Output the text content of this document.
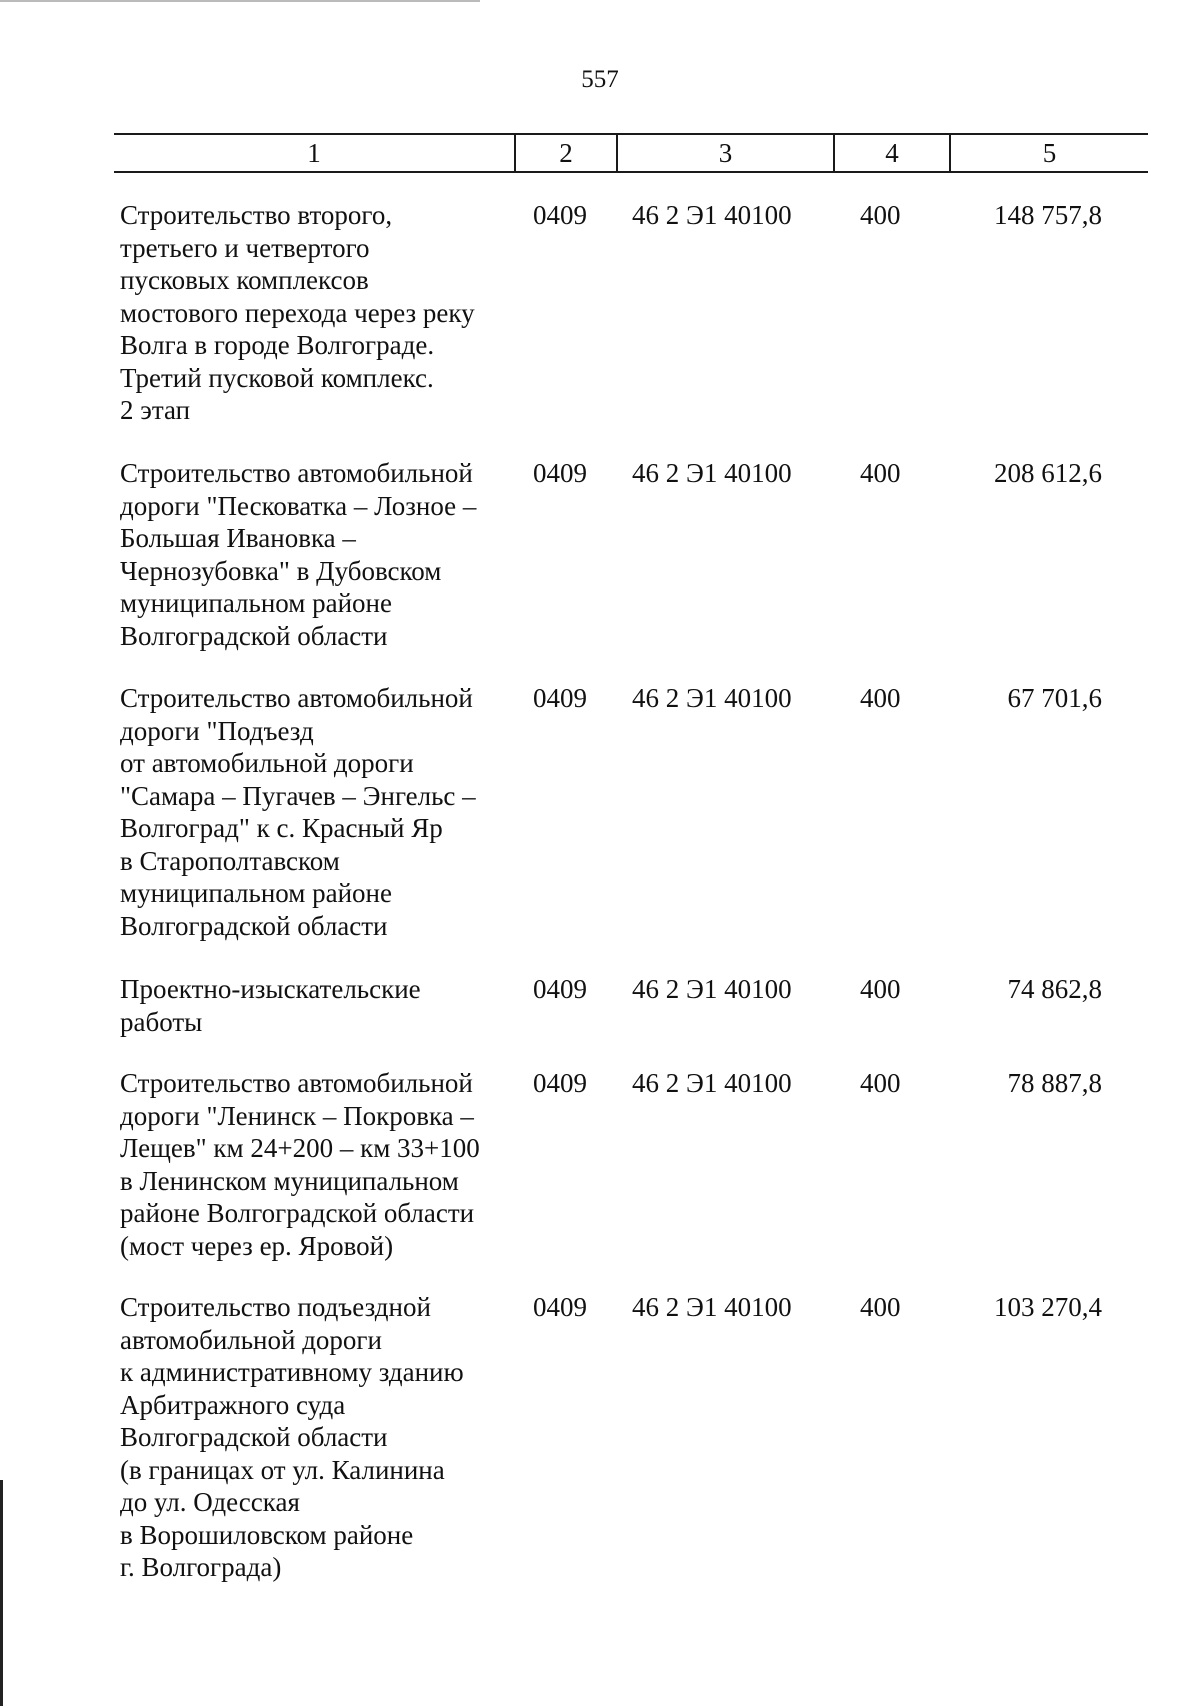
557
1	2	3	4	5
Строительство второго,
третьего и четвертого
пусковых комплексов
мостового перехода через реку
Волга в городе Волгограде.
Третий пусковой комплекс.
2 этап
0409	46 2 Э1 40100	400	148 757,8
Строительство автомобильной
дороги "Песковатка – Лозное –
Большая Ивановка –
Чернозубовка" в Дубовском
муниципальном районе
Волгоградской области
0409	46 2 Э1 40100	400	208 612,6
Строительство автомобильной
дороги "Подъезд
от автомобильной дороги
"Самара – Пугачев – Энгельс –
Волгоград" к с. Красный Яр
в Старополтавском
муниципальном районе
Волгоградской области
0409	46 2 Э1 40100	400	67 701,6
Проектно-изыскательские
работы
0409	46 2 Э1 40100	400	74 862,8
Строительство автомобильной
дороги "Ленинск – Покровка –
Лещев" км 24+200 – км 33+100
в Ленинском муниципальном
районе Волгоградской области
(мост через ер. Яровой)
0409	46 2 Э1 40100	400	78 887,8
Строительство подъездной
автомобильной дороги
к административному зданию
Арбитражного суда
Волгоградской области
(в границах от ул. Калинина
до ул. Одесская
в Ворошиловском районе
г. Волгограда)
0409	46 2 Э1 40100	400	103 270,4
